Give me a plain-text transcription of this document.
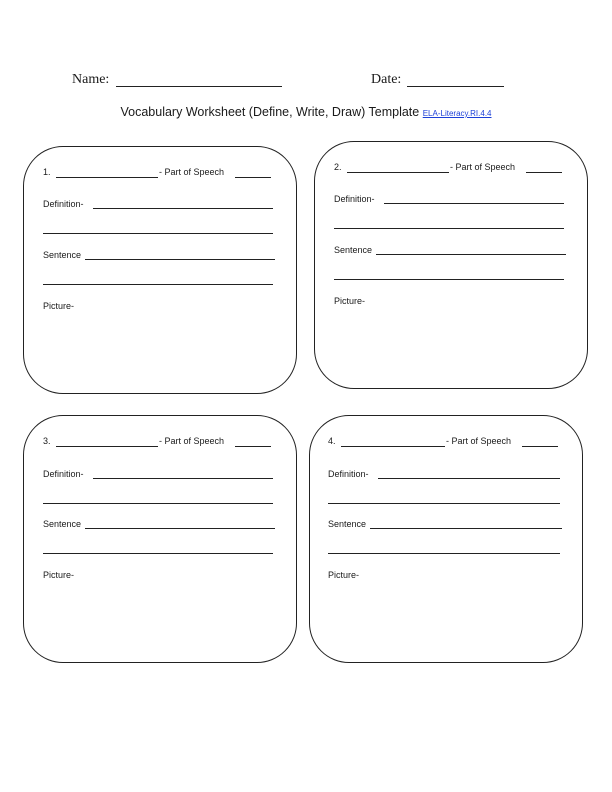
Name:	Date:
Vocabulary Worksheet (Define, Write, Draw) Template ELA-Literacy.RI.4.4
1.	- Part of Speech
Definition-
Sentence
Picture-
2.	- Part of Speech
Definition-
Sentence
Picture-
3.	- Part of Speech
Definition-
Sentence
Picture-
4.	- Part of Speech
Definition-
Sentence
Picture-
